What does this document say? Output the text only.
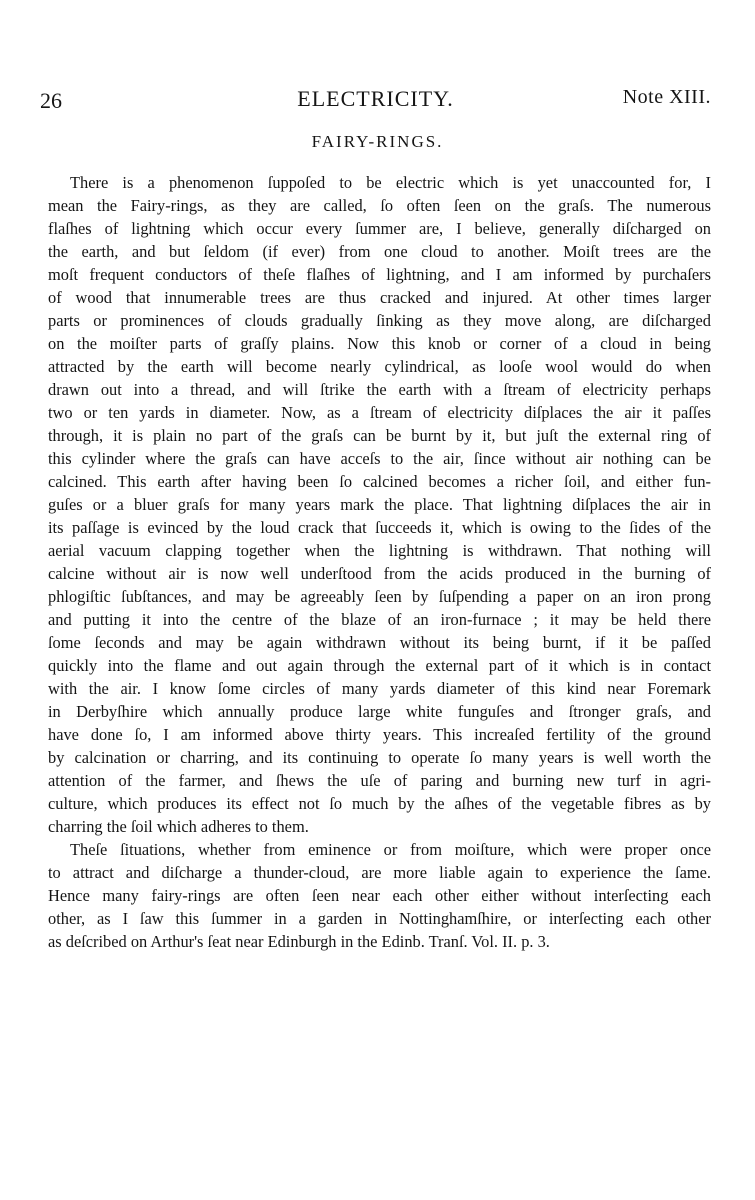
26	ELECTRICITY.	Note XIII.
FAIRY-RINGS.
There is a phenomenon ſuppoſed to be electric which is yet unaccounted for, I
mean the Fairy-rings, as they are called, ſo often ſeen on the graſs. The numerous
flaſhes of lightning which occur every ſummer are, I believe, generally diſcharged on
the earth, and but ſeldom (if ever) from one cloud to another. Moiſt trees are the
moſt frequent conductors of theſe flaſhes of lightning, and I am informed by purchaſers
of wood that innumerable trees are thus cracked and injured. At other times larger
parts or prominences of clouds gradually ſinking as they move along, are diſcharged
on the moiſter parts of graſſy plains. Now this knob or corner of a cloud in being
attracted by the earth will become nearly cylindrical, as looſe wool would do when
drawn out into a thread, and will ſtrike the earth with a ſtream of electricity perhaps
two or ten yards in diameter. Now, as a ſtream of electricity diſplaces the air it paſſes
through, it is plain no part of the graſs can be burnt by it, but juſt the external ring of
this cylinder where the graſs can have acceſs to the air, ſince without air nothing can be
calcined. This earth after having been ſo calcined becomes a richer ſoil, and either fun-
guſes or a bluer graſs for many years mark the place. That lightning diſplaces the air in
its paſſage is evinced by the loud crack that ſucceeds it, which is owing to the ſides of the
aerial vacuum clapping together when the lightning is withdrawn. That nothing will
calcine without air is now well underſtood from the acids produced in the burning of
phlogiſtic ſubſtances, and may be agreeably ſeen by ſuſpending a paper on an iron prong
and putting it into the centre of the blaze of an iron-furnace ; it may be held there
ſome ſeconds and may be again withdrawn without its being burnt, if it be paſſed
quickly into the flame and out again through the external part of it which is in contact
with the air. I know ſome circles of many yards diameter of this kind near Foremark
in Derbyſhire which annually produce large white funguſes and ſtronger graſs, and
have done ſo, I am informed above thirty years. This increaſed fertility of the ground
by calcination or charring, and its continuing to operate ſo many years is well worth the
attention of the farmer, and ſhews the uſe of paring and burning new turf in agri-
culture, which produces its effect not ſo much by the aſhes of the vegetable fibres as by
charring the ſoil which adheres to them.
Theſe ſituations, whether from eminence or from moiſture, which were proper once
to attract and diſcharge a thunder-cloud, are more liable again to experience the ſame.
Hence many fairy-rings are often ſeen near each other either without interſecting each
other, as I ſaw this ſummer in a garden in Nottinghamſhire, or interſecting each other
as deſcribed on Arthur's ſeat near Edinburgh in the Edinb. Tranſ. Vol. II. p. 3.
